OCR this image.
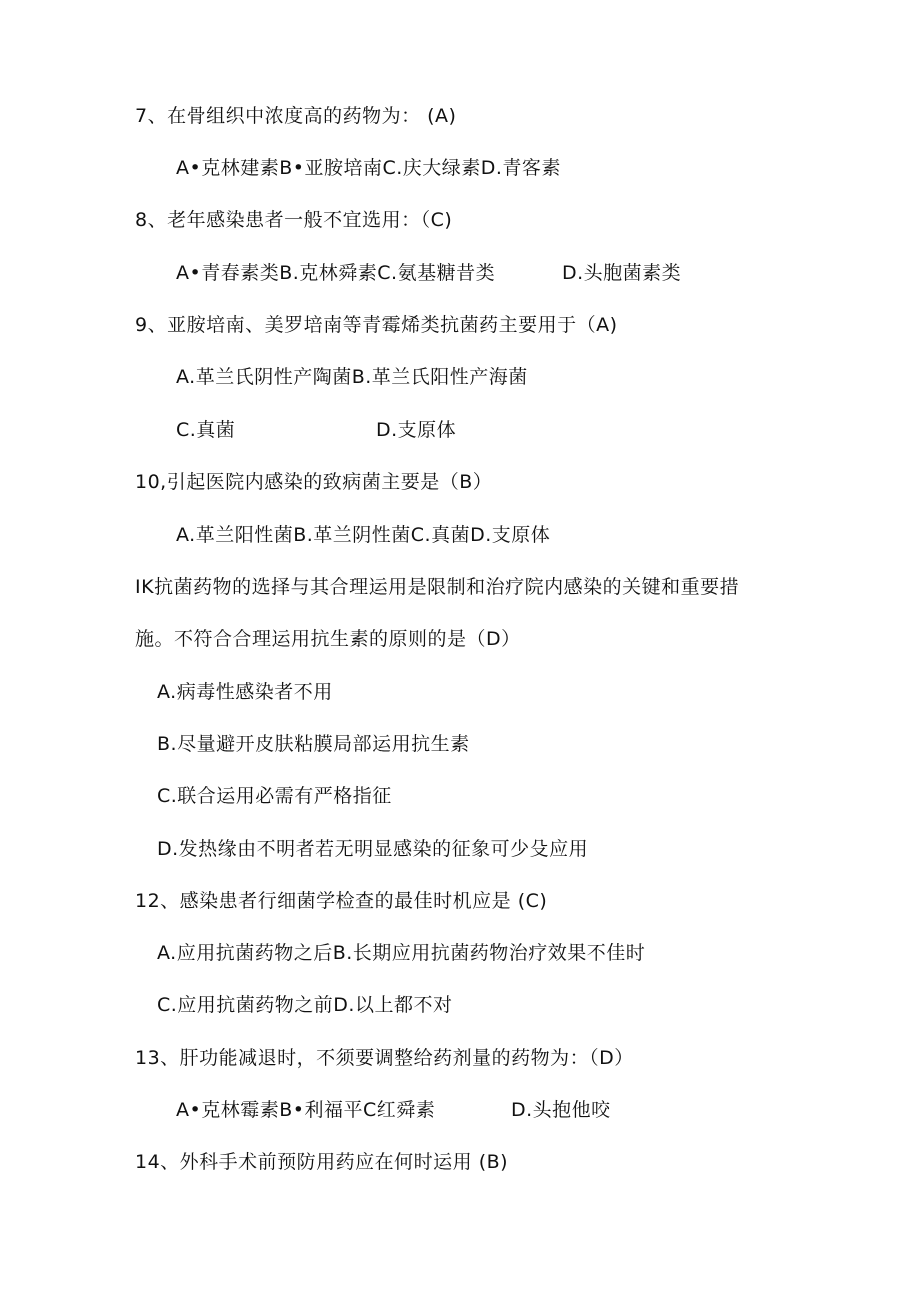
7、在骨组织中浓度高的药物为： (A)
A•克林建素B•亚胺培南C.庆大绿素D.青客素
8、老年感染患者一般不宜选用：（C)
A•青春素类B.克林舜素C.氨基糖昔类	D.头胞菌素类
9、亚胺培南、美罗培南等青霉烯类抗菌药主要用于（A)
A.革兰氏阴性产陶菌B.革兰氏阳性产海菌
C.真菌	D.支原体
10,引起医院内感染的致病菌主要是（B）
A.革兰阳性菌B.革兰阴性菌C.真菌D.支原体
IK抗菌药物的选择与其合理运用是限制和治疗院内感染的关键和重要措
施。不符合合理运用抗生素的原则的是（D）
A.病毒性感染者不用
B.尽量避开皮肤粘膜局部运用抗生素
C.联合运用必需有严格指征
D.发热缘由不明者若无明显感染的征象可少殳应用
12、感染患者行细菌学检查的最佳时机应是 (C)
A.应用抗菌药物之后B.长期应用抗菌药物治疗效果不佳时
C.应用抗菌药物之前D.以上都不对
13、肝功能减退时，不须要调整给药剂量的药物为：（D）
A•克林霉素B•利福平C红舜素	D.头抱他咬
14、外科手术前预防用药应在何时运用 (B)
